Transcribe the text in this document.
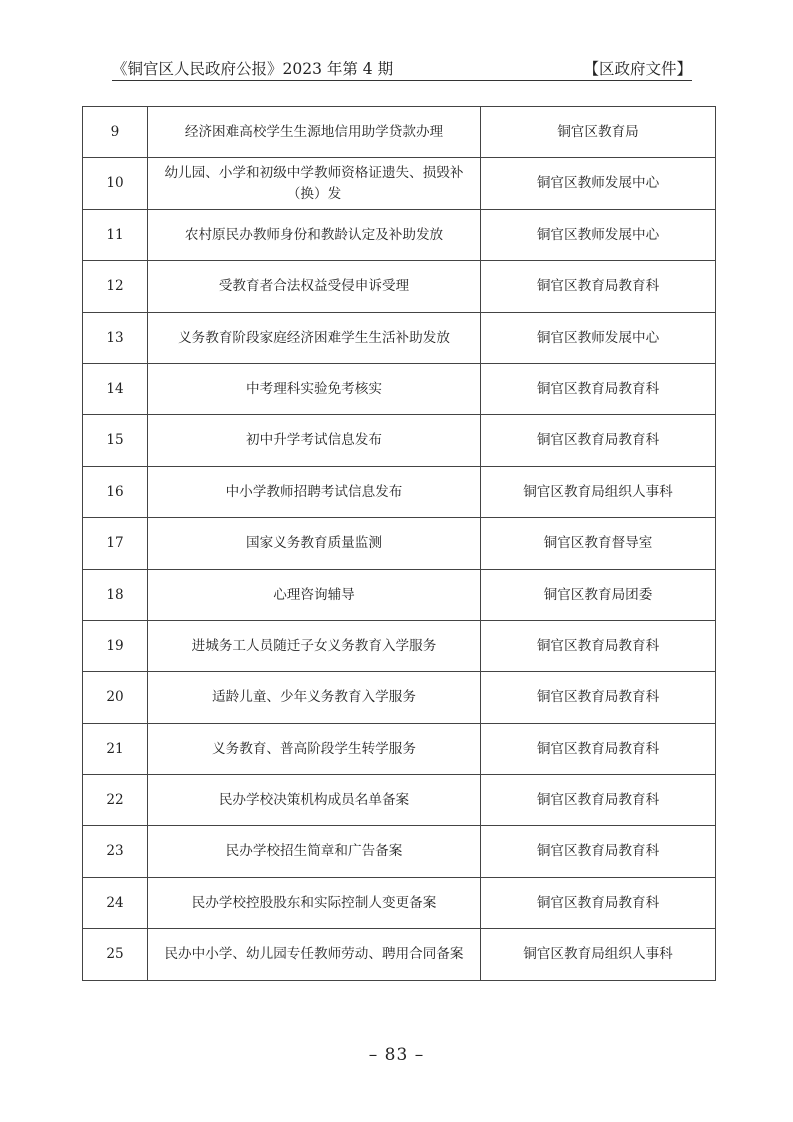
《铜官区人民政府公报》2023 年第 4 期	【区政府文件】
9	经济困难高校学生生源地信用助学贷款办理	铜官区教育局
10	幼儿园、小学和初级中学教师资格证遗失、损毁补（换）发	铜官区教师发展中心
11	农村原民办教师身份和教龄认定及补助发放	铜官区教师发展中心
12	受教育者合法权益受侵申诉受理	铜官区教育局教育科
13	义务教育阶段家庭经济困难学生生活补助发放	铜官区教师发展中心
14	中考理科实验免考核实	铜官区教育局教育科
15	初中升学考试信息发布	铜官区教育局教育科
16	中小学教师招聘考试信息发布	铜官区教育局组织人事科
17	国家义务教育质量监测	铜官区教育督导室
18	心理咨询辅导	铜官区教育局团委
19	进城务工人员随迁子女义务教育入学服务	铜官区教育局教育科
20	适龄儿童、少年义务教育入学服务	铜官区教育局教育科
21	义务教育、普高阶段学生转学服务	铜官区教育局教育科
22	民办学校决策机构成员名单备案	铜官区教育局教育科
23	民办学校招生简章和广告备案	铜官区教育局教育科
24	民办学校控股股东和实际控制人变更备案	铜官区教育局教育科
25	民办中小学、幼儿园专任教师劳动、聘用合同备案	铜官区教育局组织人事科
– 83 –
